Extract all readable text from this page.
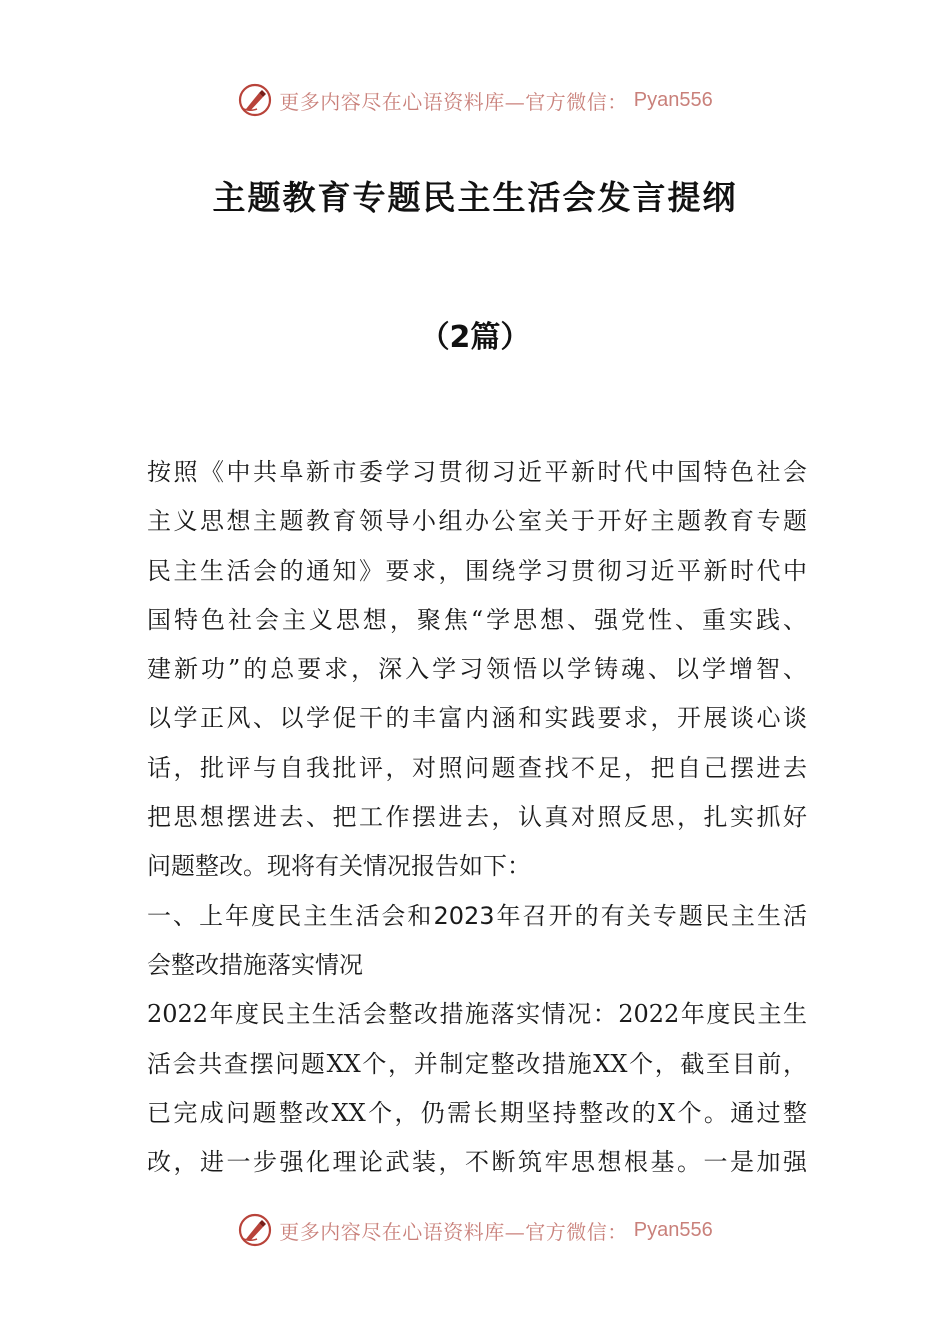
更多内容尽在心语资料库—官方微信： Pyan556
主题教育专题民主生活会发言提纲
（2篇）
按照《中共阜新市委学习贯彻习近平新时代中国特色社会
主义思想主题教育领导小组办公室关于开好主题教育专题
民主生活会的通知》要求，围绕学习贯彻习近平新时代中
国特色社会主义思想，聚焦“学思想、强党性、重实践、
建新功”的总要求，深入学习领悟以学铸魂、以学增智、
以学正风、以学促干的丰富内涵和实践要求，开展谈心谈
话，批评与自我批评，对照问题查找不足，把自己摆进去
把思想摆进去、把工作摆进去，认真对照反思，扎实抓好
问题整改。现将有关情况报告如下：
一、上年度民主生活会和2023年召开的有关专题民主生活
会整改措施落实情况
2022年度民主生活会整改措施落实情况：2022年度民主生
活会共查摆问题XX个，并制定整改措施XX个，截至目前，
已完成问题整改XX个，仍需长期坚持整改的X个。通过整
改，进一步强化理论武装，不断筑牢思想根基。一是加强
更多内容尽在心语资料库—官方微信： Pyan556
